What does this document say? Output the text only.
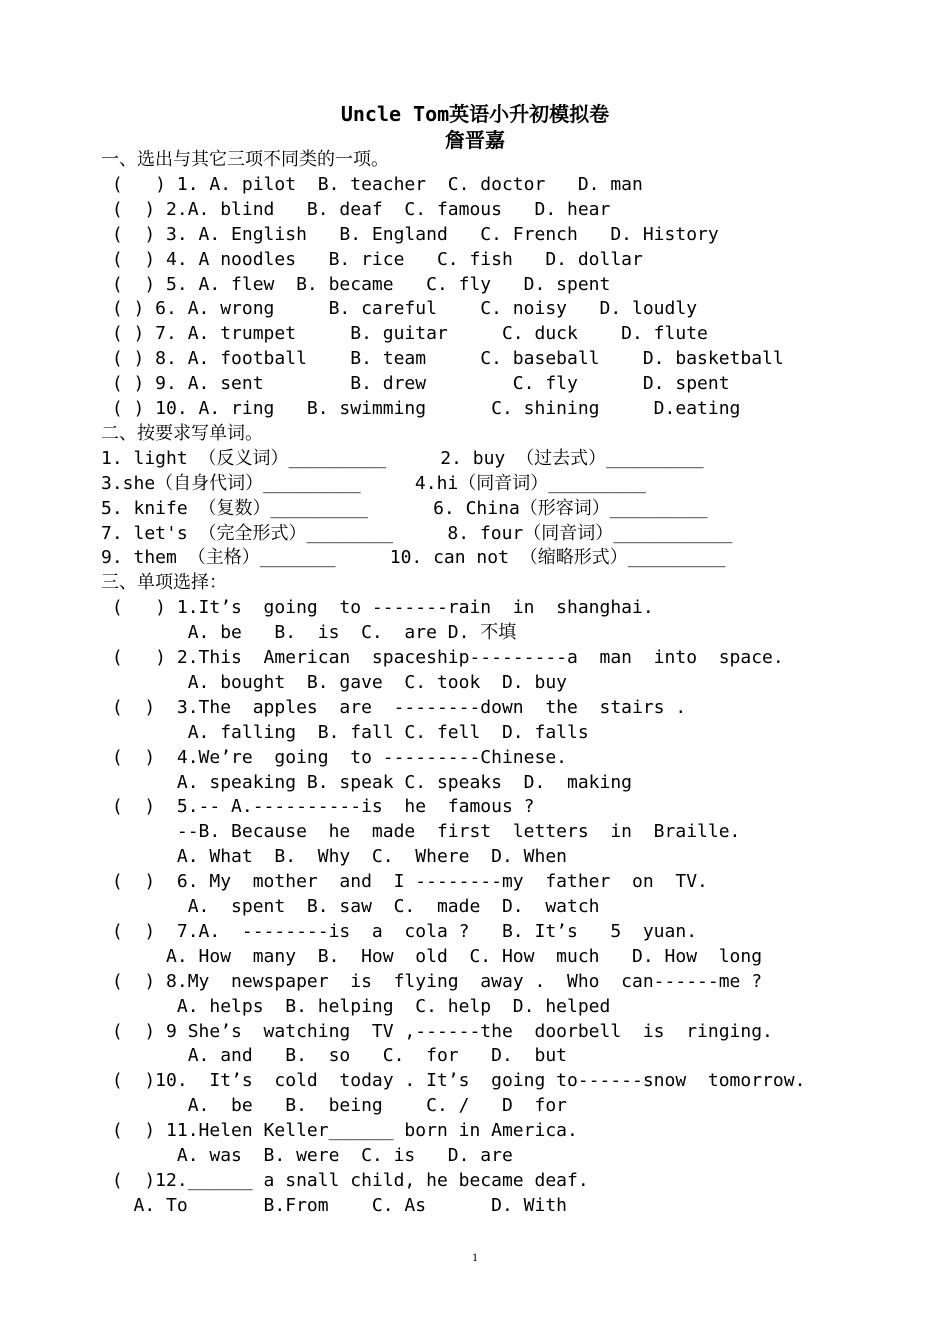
Uncle Tom英语小升初模拟卷
詹晋嘉
一、选出与其它三项不同类的一项。
(   ) 1. A. pilot  B. teacher  C. doctor   D. man
(  ) 2.A. blind   B. deaf  C. famous   D. hear
(  ) 3. A. English   B. England   C. French   D. History
(  ) 4. A noodles   B. rice   C. fish   D. dollar
(  ) 5. A. flew  B. became   C. fly   D. spent
( ) 6. A. wrong     B. careful    C. noisy   D. loudly
( ) 7. A. trumpet     B. guitar     C. duck    D. flute
( ) 8. A. football    B. team     C. baseball    D. basketball
( ) 9. A. sent        B. drew        C. fly      D. spent
( ) 10. A. ring   B. swimming      C. shining     D.eating
二、按要求写单词。
1. light （反义词）_________     2. buy （过去式）_________
3.she（自身代词）_________     4.hi（同音词）_________
5. knife （复数）_________      6. China（形容词）_________
7. let's （完全形式）________     8. four（同音词）___________
9. them （主格）_______     10. can not （缩略形式）_________
三、单项选择：
(   ) 1.It’s  going  to -------rain  in  shanghai.
A. be   B.  is  C.  are D. 不填
(   ) 2.This  American  spaceship---------a  man  into  space.
A. bought  B. gave  C. took  D. buy
(  )  3.The  apples  are  --------down  the  stairs .
A. falling  B. fall C. fell  D. falls
(  )  4.We’re  going  to ---------Chinese.
A. speaking B. speak C. speaks  D.  making
(  )  5.-- A.----------is  he  famous ?
--B. Because  he  made  first  letters  in  Braille.
A. What  B.  Why  C.  Where  D. When
(  )  6. My  mother  and  I --------my  father  on  TV.
A.  spent  B. saw  C.  made  D.  watch
(  )  7.A.  --------is  a  cola ?   B. It’s   5  yuan.
A. How  many  B.  How  old  C. How  much   D. How  long
(  ) 8.My  newspaper  is  flying  away .  Who  can------me ?
A. helps  B. helping  C. help  D. helped
(  ) 9 She’s  watching  TV ,------the  doorbell  is  ringing.
A. and   B.  so   C.  for   D.  but
(  )10.  It’s  cold  today . It’s  going to------snow  tomorrow.
A.  be   B.  being    C. /   D  for
(  ) 11.Helen Keller______ born in America.
A. was  B. were  C. is   D. are
(  )12.______ a snall child, he became deaf.
A. To       B.From    C. As      D. With
1
